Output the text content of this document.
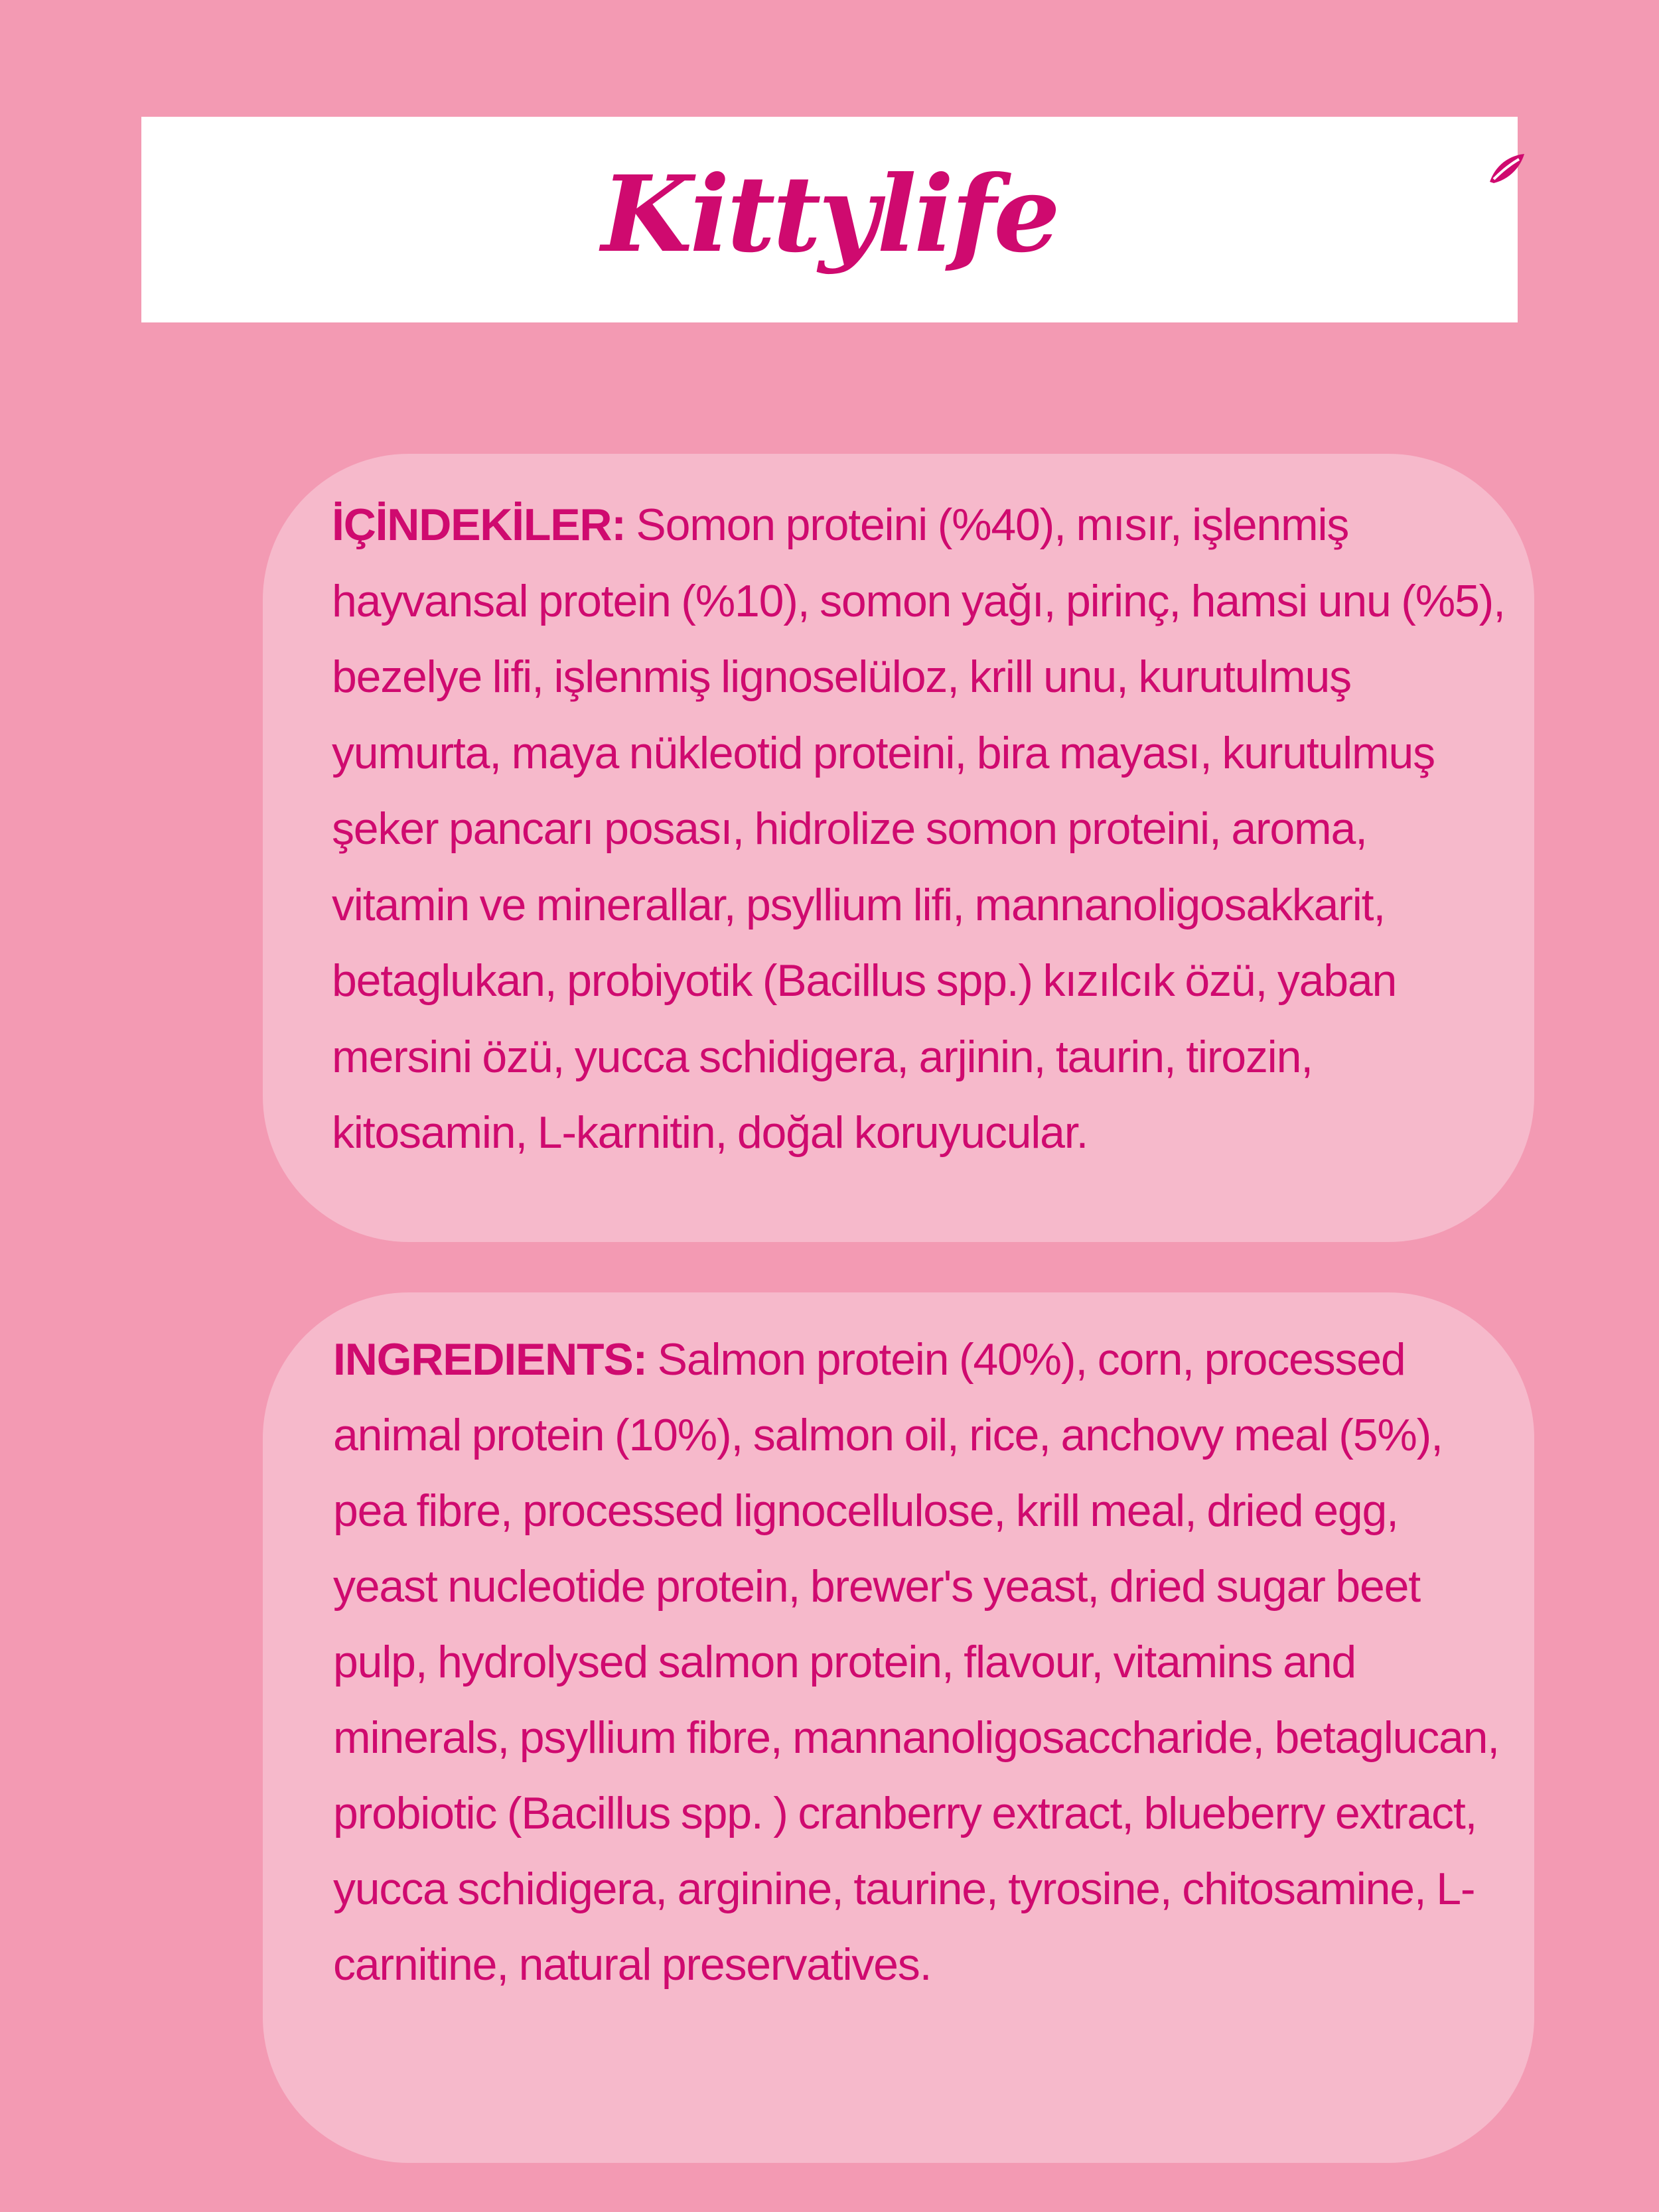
Kittylife

İÇİNDEKİLER: Somon proteini (%40), mısır, işlenmiş hayvansal protein (%10), somon yağı, pirinç, hamsi unu (%5), bezelye lifi, işlenmiş lignoselüloz, krill unu, kurutulmuş yumurta, maya nükleotid proteini, bira mayası, kurutulmuş şeker pancarı posası, hidrolize somon proteini, aroma, vitamin ve minerallar, psyllium lifi, mannanoligosakkarit, betaglukan, probiyotik (Bacillus spp.) kızılcık özü, yaban mersini özü, yucca schidigera, arjinin, taurin, tirozin, kitosamin, L-karnitin, doğal koruyucular.

INGREDIENTS: Salmon protein (40%), corn, processed animal protein (10%), salmon oil, rice, anchovy meal (5%), pea fibre, processed lignocellulose, krill meal, dried egg, yeast nucleotide protein, brewer's yeast, dried sugar beet pulp, hydrolysed salmon protein, flavour, vitamins and minerals, psyllium fibre, mannanoligosaccharide, betaglucan, probiotic (Bacillus spp. ) cranberry extract, blueberry extract, yucca schidigera, arginine, taurine, tyrosine, chitosamine, L-carnitine, natural preservatives.
